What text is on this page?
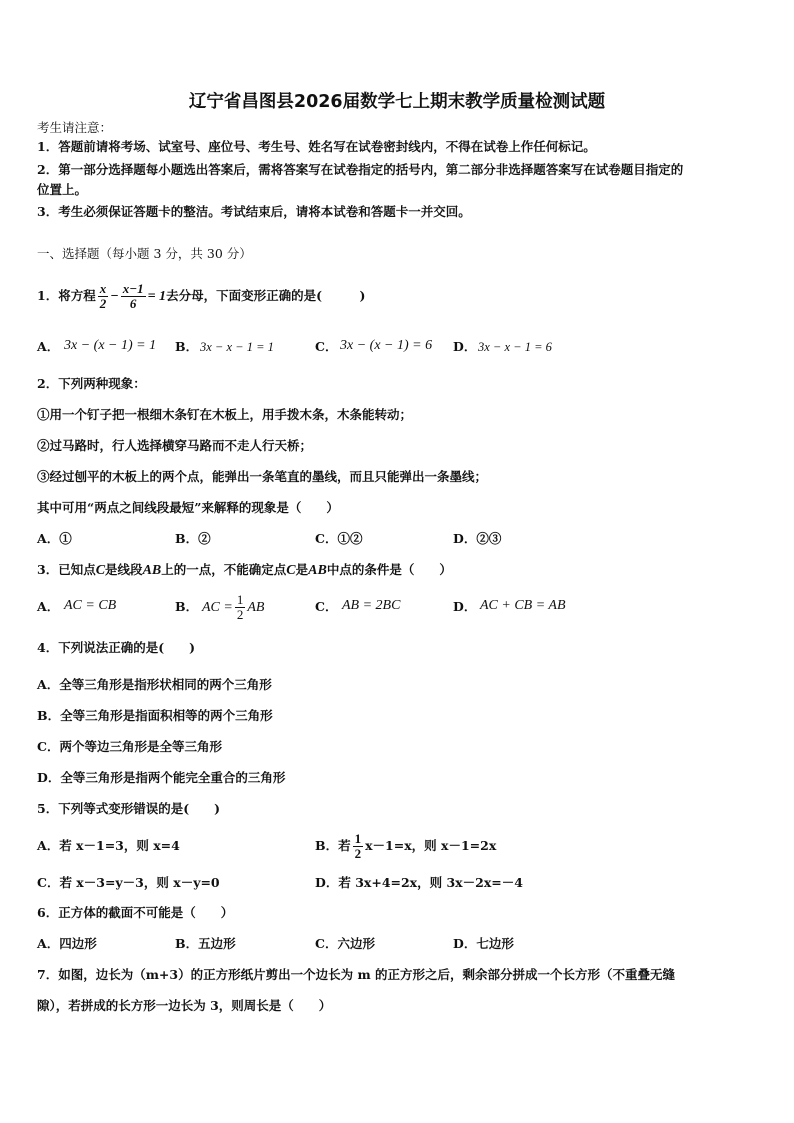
辽宁省昌图县2026届数学七上期末教学质量检测试题
考生请注意：
1．答题前请将考场、试室号、座位号、考生号、姓名写在试卷密封线内，不得在试卷上作任何标记。
2．第一部分选择题每小题选出答案后，需将答案写在试卷指定的括号内，第二部分非选择题答案写在试卷题目指定的
位置上。
3．考生必须保证答题卡的整洁。考试结束后，请将本试卷和答题卡一并交回。
一、选择题（每小题 3 分，共 30 分）
1．将方程 $\frac{x}{2} - \frac{x-1}{6} = 1$去分母，下面变形正确的是(　　　)
A． 3x − (x − 1) = 1 B． 3x − x − 1 = 1	C． 3x − (x − 1) = 6 D． 3x − x − 1 = 6
2．下列两种现象：
①用一个钉子把一根细木条钉在木板上，用手拨木条，木条能转动；
②过马路时，行人选择横穿马路而不走人行天桥；
③经过刨平的木板上的两个点，能弹出一条笔直的墨线，而且只能弹出一条墨线；
其中可用“两点之间线段最短”来解释的现象是（　　）
A．①	B．②	C．①②	D．②③
3．已知点C是线段AB上的一点，不能确定点C是AB中点的条件是（　　）
A． AC = CB	B． AC = $\frac{1}{2}$ AB	C． AB = 2BC	D． AC + CB = AB
4．下列说法正确的是(　　)
A．全等三角形是指形状相同的两个三角形
B．全等三角形是指面积相等的两个三角形
C．两个等边三角形是全等三角形
D．全等三角形是指两个能完全重合的三角形
5．下列等式变形错误的是(　　)
A．若 x－1=3，则 x=4	B．若 $\frac{1}{2} x-1=x$，则 x－1=2x
C．若 x－3=y－3，则 x－y=0	D．若 3x+4=2x，则 3x－2x=－4
6．正方体的截面不可能是（　　）
A．四边形	B．五边形	C．六边形	D．七边形
7．如图，边长为（m+3）的正方形纸片剪出一个边长为 m 的正方形之后，剩余部分拼成一个长方形（不重叠无缝
隙），若拼成的长方形一边长为 3，则周长是（　　）
